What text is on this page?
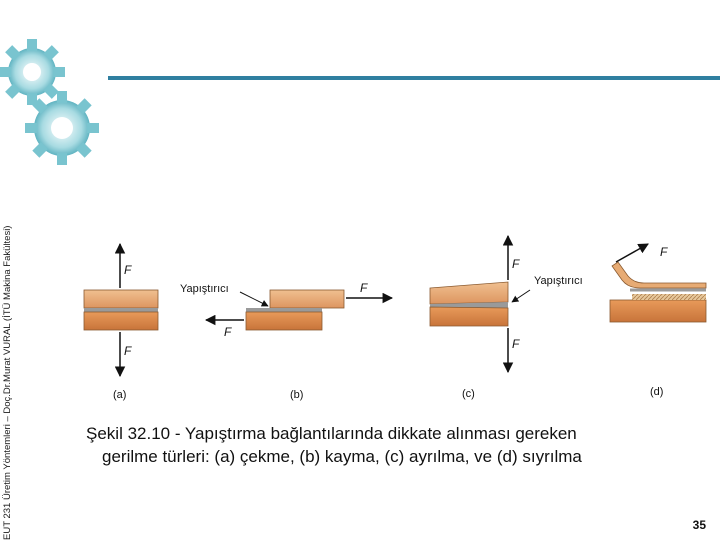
EUT 231 Üretim Yöntemleri – Doç.Dr.Murat VURAL (İTÜ Makina Fakültesi)	F
F
(a)
Yapıştırıcı	F
F
(b)
F
F
Yapıştırıcı
(c)
F
(d)
Şekil 32.10 - Yapıştırma bağlantılarında dikkate alınması gereken
gerilme türleri: (a) çekme, (b) kayma, (c) ayrılma, ve (d) sıyrılma
35
